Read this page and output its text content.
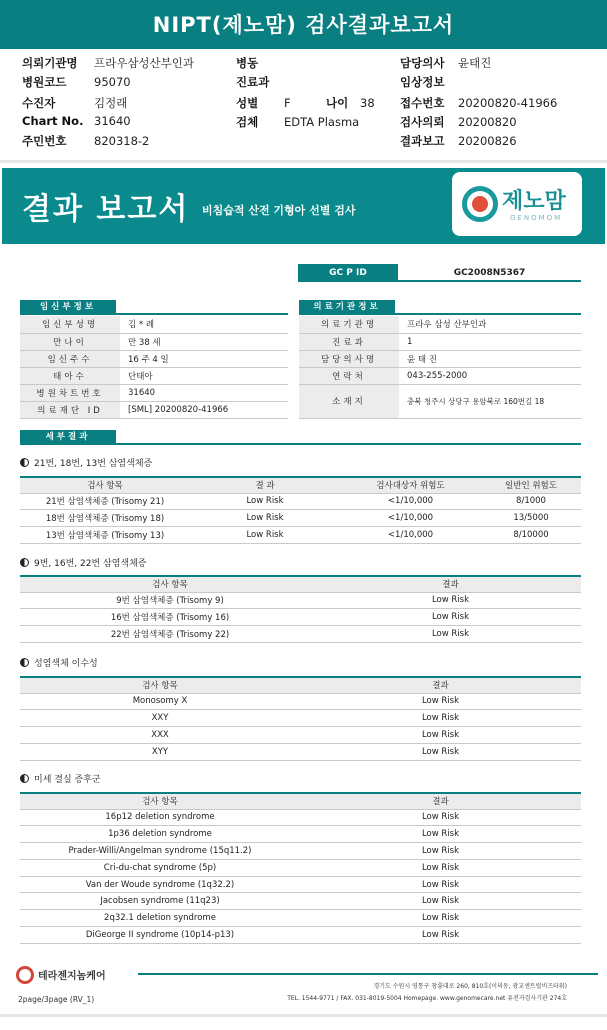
NIPT(제노맘) 검사결과보고서
의뢰기관명 프라우삼성산부인과
병원코드 95070
수진자	김정래
Chart No. 31640
주민번호 820318-2
병동
진료과
성별 F	나이 38
검체 EDTA Plasma
담당의사 윤태진
임상정보
접수번호 20200820-41966
검사의뢰 20200820
결과보고 20200826
결과 보고서 비침습적 산전 기형아 선별 검사	제노맘
GENOMOM
GC P ID	GC2008N5367
임신부정보
임신부성명	김 * 례
만나이	만 38 세
임신주수	16 주 4 일
태아수	단태아
병원차트번호	31640
의료재단 ID	[SML] 20200820-41966
의료기관정보
의료기관명	프라우 삼성 산부인과
진료과	1
담당의사명	윤 태 진
연락처	043-255-2000
소재지	충북 청주시 상당구 용암북로 160번길 18
세부결과
21번, 18번, 13번 삼염색체증
검사 항목	결 과	검사대상자 위험도	일반인 위험도
21번 삼염색체증 (Trisomy 21)	Low Risk	<1/10,000	8/1000
18번 삼염색체증 (Trisomy 18)	Low Risk	<1/10,000	13/5000
13번 삼염색체증 (Trisomy 13)	Low Risk	<1/10,000	8/10000
9번, 16번, 22번 삼염색체증
검사 항목	결과
9번 삼염색체증 (Trisomy 9)	Low Risk
16번 삼염색체증 (Trisomy 16)	Low Risk
22번 삼염색체증 (Trisomy 22)	Low Risk
성염색체 이수성
검사 항목	결과
Monosomy X	Low Risk
XXY	Low Risk
XXX	Low Risk
XYY	Low Risk
미세 결실 증후군
검사 항목	결과
16p12 deletion syndrome	Low Risk
1p36 deletion syndrome	Low Risk
Prader-Willi/Angelman syndrome (15q11.2)	Low Risk
Cri-du-chat syndrome (5p)	Low Risk
Van der Woude syndrome (1q32.2)	Low Risk
Jacobsen syndrome (11q23)	Low Risk
2q32.1 deletion syndrome	Low Risk
DiGeorge II syndrome (10p14-p13)	Low Risk
테라젠지놈케어
경기도 수원시 영통구 창룡대로 260, 810호(이의동, 광교센트럴비즈타워)
TEL. 1544-9771 / FAX. 031-8019-5004 Homepage. www.genomecare.net 유전자검사기관 274호
2page/3page (RV_1)
